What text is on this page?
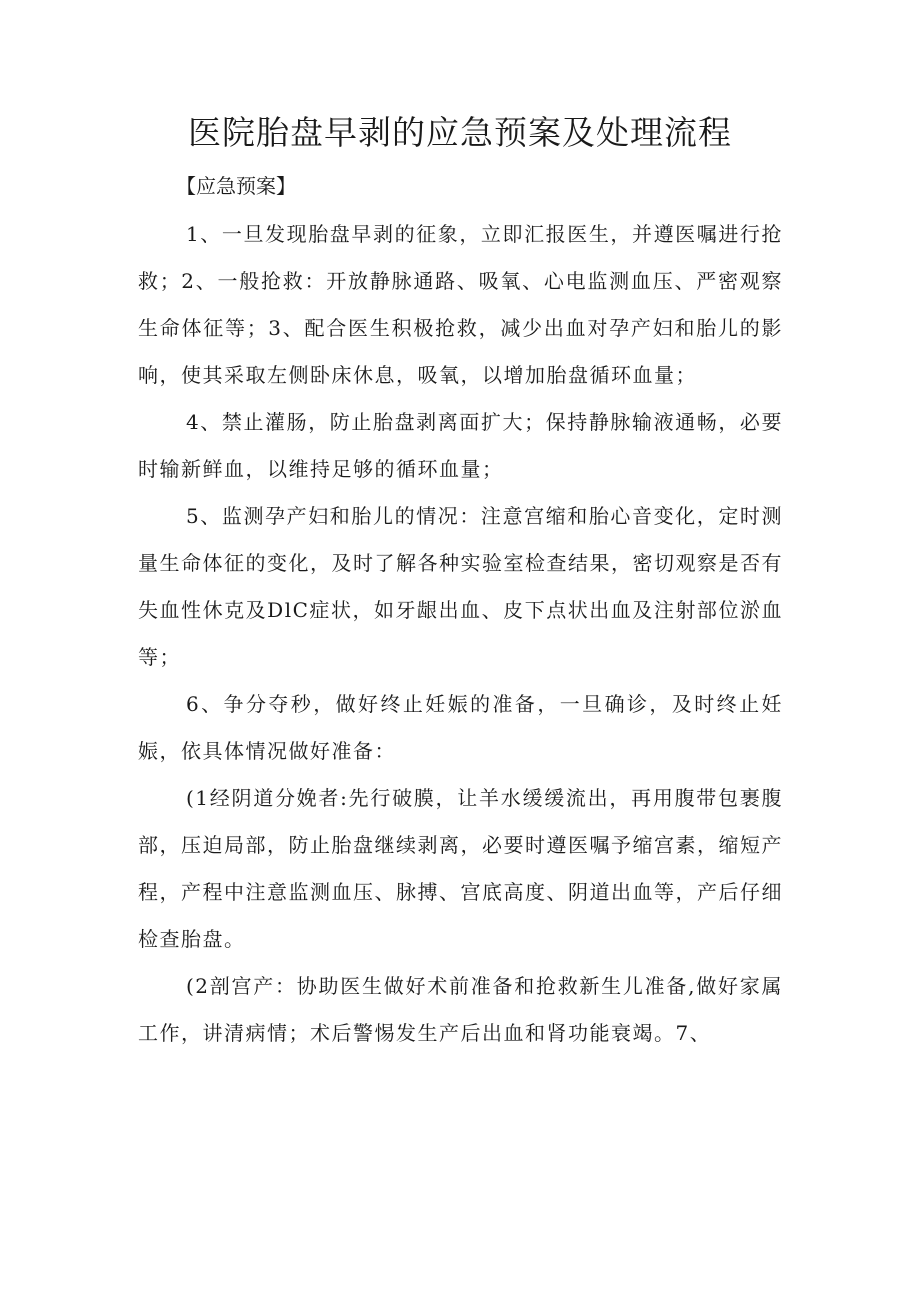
医院胎盘早剥的应急预案及处理流程

【应急预案】

1、一旦发现胎盘早剥的征象，立即汇报医生，并遵医嘱进行抢救；2、一般抢救：开放静脉通路、吸氧、心电监测血压、严密观察生命体征等；3、配合医生积极抢救，减少出血对孕产妇和胎儿的影响，使其采取左侧卧床休息，吸氧，以增加胎盘循环血量；

4、禁止灌肠，防止胎盘剥离面扩大；保持静脉输液通畅，必要时输新鲜血，以维持足够的循环血量；

5、监测孕产妇和胎儿的情况：注意宫缩和胎心音变化，定时测量生命体征的变化，及时了解各种实验室检查结果，密切观察是否有失血性休克及DlC症状，如牙龈出血、皮下点状出血及注射部位淤血等；

6、争分夺秒，做好终止妊娠的准备，一旦确诊，及时终止妊娠，依具体情况做好准备：

(1经阴道分娩者:先行破膜，让羊水缓缓流出，再用腹带包裹腹部，压迫局部，防止胎盘继续剥离，必要时遵医嘱予缩宫素，缩短产程，产程中注意监测血压、脉搏、宫底高度、阴道出血等，产后仔细检查胎盘。

(2剖宫产：协助医生做好术前准备和抢救新生儿准备,做好家属工作，讲清病情；术后警惕发生产后出血和肾功能衰竭。7、
